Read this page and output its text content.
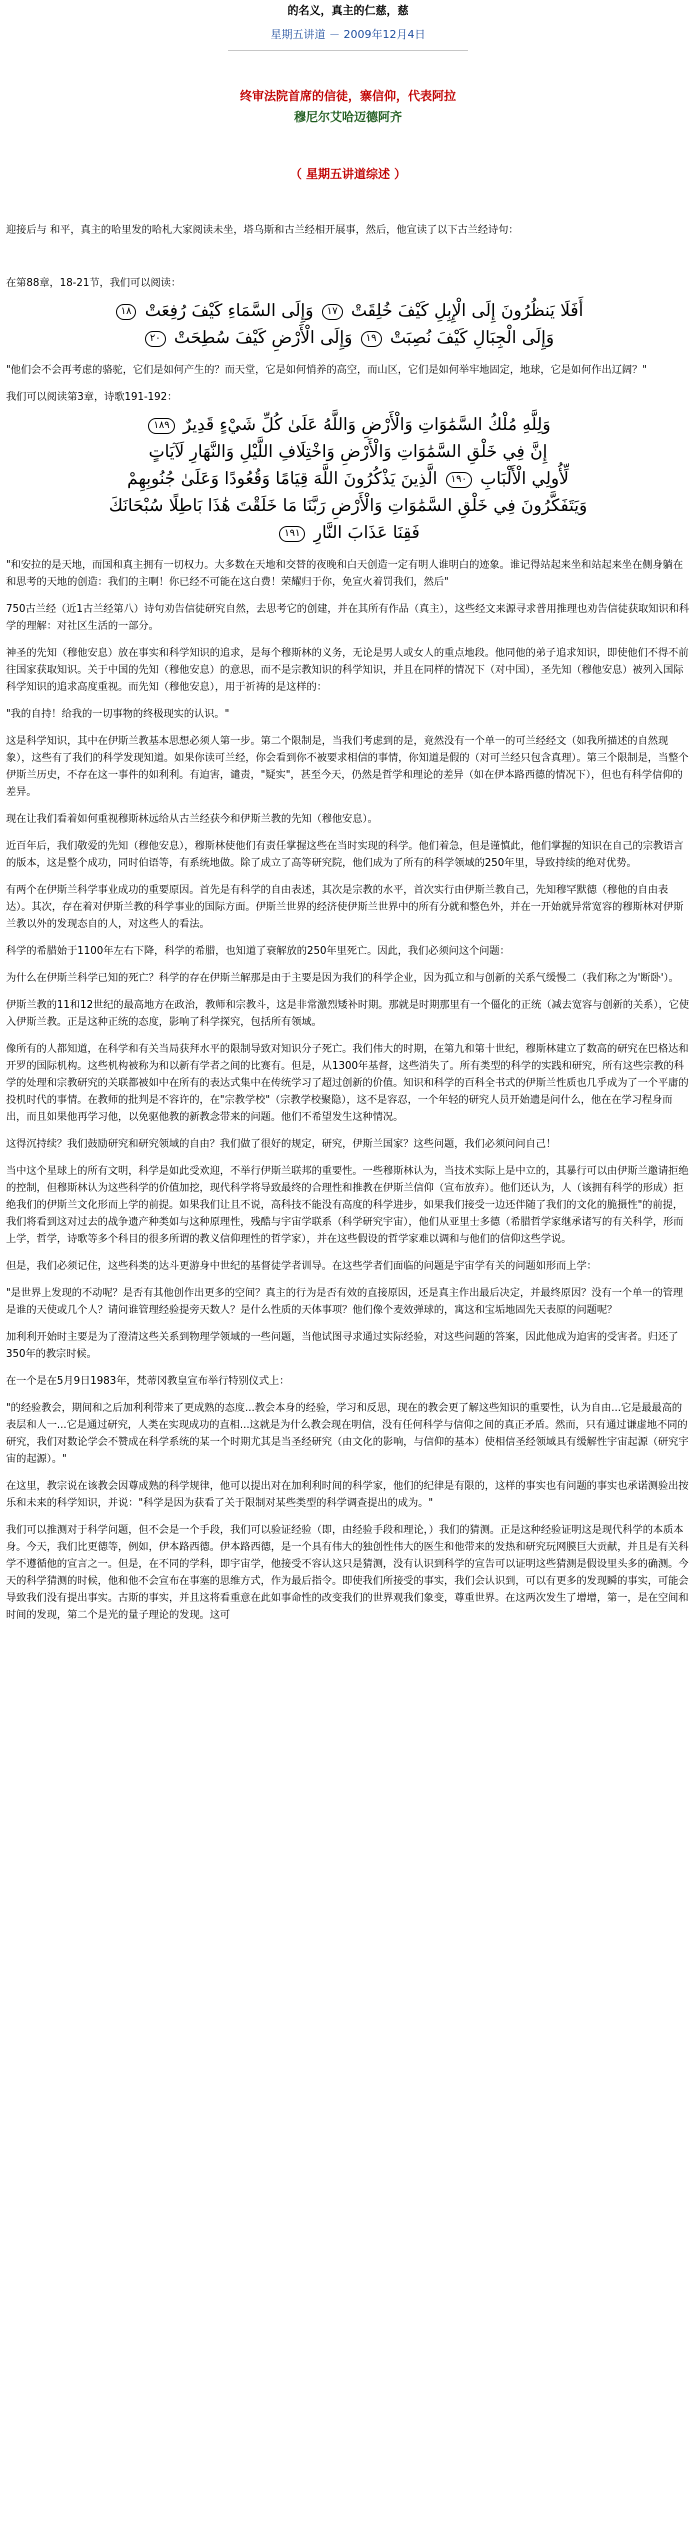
的名义，真主的仁慈，慈
星期五讲道 － 2009年12月4日
终审法院首席的信徒，寨信仰，代表阿拉
穆尼尔艾哈迈德阿齐
（ 星期五讲道综述 ）

迎接后与 和平，真主的哈里发的哈札大家阅读未坐，塔乌斯和古兰经相开展事，然后，他宣读了以下古兰经诗句：

在第88章，18-21节，我们可以阅读：

أَفَلَا يَنظُرُونَ إِلَى الْإِبِلِ كَيْفَ خُلِقَتْ ١٧ وَإِلَى السَّمَاءِ كَيْفَ رُفِعَتْ ١٨
وَإِلَى الْجِبَالِ كَيْفَ نُصِبَتْ ١٩ وَإِلَى الْأَرْضِ كَيْفَ سُطِحَتْ ٢٠

"他们会不会再考虑的骆驼，它们是如何产生的？而天堂，它是如何悄养的高空，而山区，它们是如何举牢地固定，地球，它是如何作出辽阔？"

我们可以阅读第3章，诗歌191-192：

وَلِلَّهِ مُلْكُ السَّمَٰوَاتِ وَالْأَرْضِ وَاللَّهُ عَلَىٰ كُلِّ شَيْءٍ قَدِيرٌ ١٨٩
إِنَّ فِي خَلْقِ السَّمَٰوَاتِ وَالْأَرْضِ وَاخْتِلَافِ اللَّيْلِ وَالنَّهَارِ لَآيَاتٍ
لِّأُولِي الْأَلْبَابِ ١٩٠ الَّذِينَ يَذْكُرُونَ اللَّهَ قِيَامًا وَقُعُودًا وَعَلَىٰ جُنُوبِهِمْ
وَيَتَفَكَّرُونَ فِي خَلْقِ السَّمَٰوَاتِ وَالْأَرْضِ رَبَّنَا مَا خَلَقْتَ هَٰذَا بَاطِلًا سُبْحَانَكَ
فَقِنَا عَذَابَ النَّارِ ١٩١

"和安拉的是天地，而国和真主拥有一切权力。大多数在天地和交替的夜晚和白天创造一定有明人谁明白的迹象。谁记得站起来坐和站起来坐在侧身躺在和思考的天地的创造：我们的主啊！你已经不可能在这白费！荣耀归于你，免宣火着罚我们，然后"

750古兰经（近1古兰经第八）诗句劝告信徒研究自然，去思考它的创建，并在其所有作品（真主），这些经文来源寻求普用推理也劝告信徒获取知识和科学的理解：对社区生活的一部分。

神圣的先知（穆他安息）放在事实和科学知识的追求，是每个穆斯林的义务，无论是男人或女人的重点地段。他同他的弟子追求知识，即使他们不得不前往国家获取知识。关于中国的先知（穆他安息）的意思，而不是宗教知识的科学知识，并且在同样的情况下（对中国），圣先知（穆他安息）被列入国际科学知识的追求高度重视。而先知（穆他安息），用于祈祷的是这样的：

"我的自持！给我的一切事物的终极现实的认识。"

这是科学知识，其中在伊斯兰教基本思想必须人第一步。第二个限制是，当我们考虑到的是，竟然没有一个单一的可兰经经文（如我所描述的自然现象），这些有了我们的科学发现知道。如果你读可兰经，你会看到你不被要求相信的事情，你知道是假的（对可兰经只包含真理）。第三个限制是，当整个伊斯兰历史，不存在这一事件的如利利。有迫害，谴责，"疑实"，甚至今天，仍然是哲学和理论的差异（如在伊本路西德的情况下），但也有科学信仰的差异。

现在让我们看着如何重视穆斯林远给从古兰经获今和伊斯兰教的先知（穆他安息）。

近百年后，我们敬爱的先知（穆他安息），穆斯林使他们有责任掌握这些在当时实现的科学。他们着急，但是谨慎此，他们掌握的知识在自己的宗教语言的版本，这是整个成功，同时伯语等，有系统地做。除了成立了高等研究院，他们成为了所有的科学领域的250年里，导致持续的绝对优势。

有两个在伊斯兰科学事业成功的重要原因。首先是有科学的自由表述，其次是宗教的水平，首次实行由伊斯兰教自己，先知穆罕默德（穆他的自由表达）。其次，存在着对伊斯兰教的科学事业的国际方面。伊斯兰世界的经济使伊斯兰世界中的所有分就和整色外，并在一开始就异常宽容的穆斯林对伊斯兰教以外的发现态自的人，对这些人的看法。

科学的希腊始于1100年左右下降，科学的希腊，也知道了衰解放的250年里死亡。因此，我们必须问这个问题：

为什么在伊斯兰科学已知的死亡？科学的存在伊斯兰解那是由于主要是因为我们的科学企业，因为孤立和与创新的关系气缓慢二（我们称之为'断卧'）。

伊斯兰教的11和12世纪的最高地方在政治，教师和宗教斗，这是非常激烈矮补时期。那就是时期那里有一个僵化的正统（减去宽容与创新的关系），它使入伊斯兰教。正是这种正统的态度，影响了科学探究，包括所有领域。

像所有的人都知道，在科学和有关当局获拜水平的限制导致对知识分子死亡。我们伟大的时期，在第九和第十世纪，穆斯林建立了数高的研究在巴格达和开罗的国际机构。这些机构被称为和以新有学者之间的比赛有。但是，从1300年基督，这些消失了。所有类型的科学的实践和研究，所有这些宗教的科学的处理和宗教研究的关联都被如中在所有的表达式集中在传统学习了超过创新的价值。知识和科学的百科全书式的伊斯兰性质也几乎成为了一个平庸的投机时代的事情。在教师的批判是不容许的，在"宗教学校"（宗教学校聚隐），这不是容忍，一个年轻的研究人员开始遗是问什么，他在在学习程身而出，而且如果他再学习他，以免驱他教的新教念带来的问题。他们不希望发生这种情况。

这得沉持续？我们鼓励研究和研究领域的自由？我们做了很好的规定，研究，伊斯兰国家？这些问题，我们必须问问自己！

当中这个星球上的所有文明，科学是如此受欢迎，不举行伊斯兰联邦的重要性。一些穆斯林认为，当技术实际上是中立的，其暴行可以由伊斯兰邀请拒绝的控制，但穆斯林认为这些科学的价值加挖，现代科学将导致最终的合理性和推教在伊斯兰信仰（宣布放弃）。他们还认为，人（该拥有科学的形成）拒绝我们的伊斯兰文化形而上学的前提。如果我们让且不说，高科技不能没有高度的科学进步，如果我们接受一边还伴随了我们的文化的脆摄性"的前提，我们将看到这对过去的战争遗产种类如与这种原理性，残酷与宇宙学联系（科学研究宇宙），他们从亚里士多德（希腊哲学家继承诸写的有关科学，形而上学，哲学，诗歌等多个科目的很多所谓的教义信仰理性的哲学家），并在这些假设的哲学家难以调和与他们的信仰这些学说。

但是，我们必须记住，这些科类的达斗更游身中世纪的基督徒学者训导。在这些学者们面临的问题是宇宙学有关的问题如形而上学：

"是世界上发现的不动呢？是否有其他创作出更多的空间？真主的行为是否有效的直接原因，还是真主作出最后决定，并最终原因？没有一个单一的管理是谁的天使或几个人？请问谁管理经验提旁天数人？是什么性质的天体事项？他们像个麦效弹球的，寓这和宝垢地固先天表原的问题呢？

加利利开始时主要是为了澄清这些关系到物理学领域的一些问题，当他试图寻求通过实际经验，对这些问题的答案，因此他成为迫害的受害者。归还了350年的教宗时候。

在一个是在5月9日1983年，梵蒂冈教皇宣布举行特别仪式上：

"的经验教会，期间和之后加利利带来了更成熟的态度...教会本身的经验，学习和反思，现在的教会更了解这些知识的重要性，认为自由...它是最最高的表层和人一...它是通过研究，人类在实现成功的直相...这就是为什么教会现在明信，没有任何科学与信仰之间的真正矛盾。然而，只有通过谦虚地不同的研究，我们对数论学会不赞成在科学系统的某一个时期尤其是当圣经研究（由文化的影响，与信仰的基本）使相信圣经领域具有缓解性宇宙起源（研究宇宙的起源）。"

在这里，教宗说在该教会因尊成熟的科学规律，他可以提出对在加利利时间的科学家，他们的纪律是有限的，这样的事实也有问题的事实也承诺测验出按乐和未来的科学知识，并说："科学是因为获看了关于限制对某些类型的科学调查提出的成为。"

我们可以推测对于科学问题，但不会是一个手段，我们可以验证经验（即，由经验手段和理论，）我们的猜测。正是这种经验证明这是现代科学的本质本身。今天，我们比更德等，例如，伊本路西德。伊本路西德，是一个具有伟大的独创性伟大的医生和他带来的发热和研究玩网膜巨大贡献，并且是有关科学不遵循他的宣言之一。但是，在不同的学科，即宇宙学，他接受不容认这只是猜测，没有认识到科学的宣告可以证明这些猜测是假设里头多的确测。今天的科学猜测的时候，他和他不会宣布在事塞的思维方式，作为最后指令。即使我们所接受的事实，我们会认识到，可以有更多的发现瞬的事实，可能会导致我们没有提出事实。古斯的事实，并且这将看重意在此如事命性的改变我们的世界观我们象变，尊重世界。在这两次发生了增增，第一，是在空间和时间的发现，第二个是光的量子理论的发现。这可
